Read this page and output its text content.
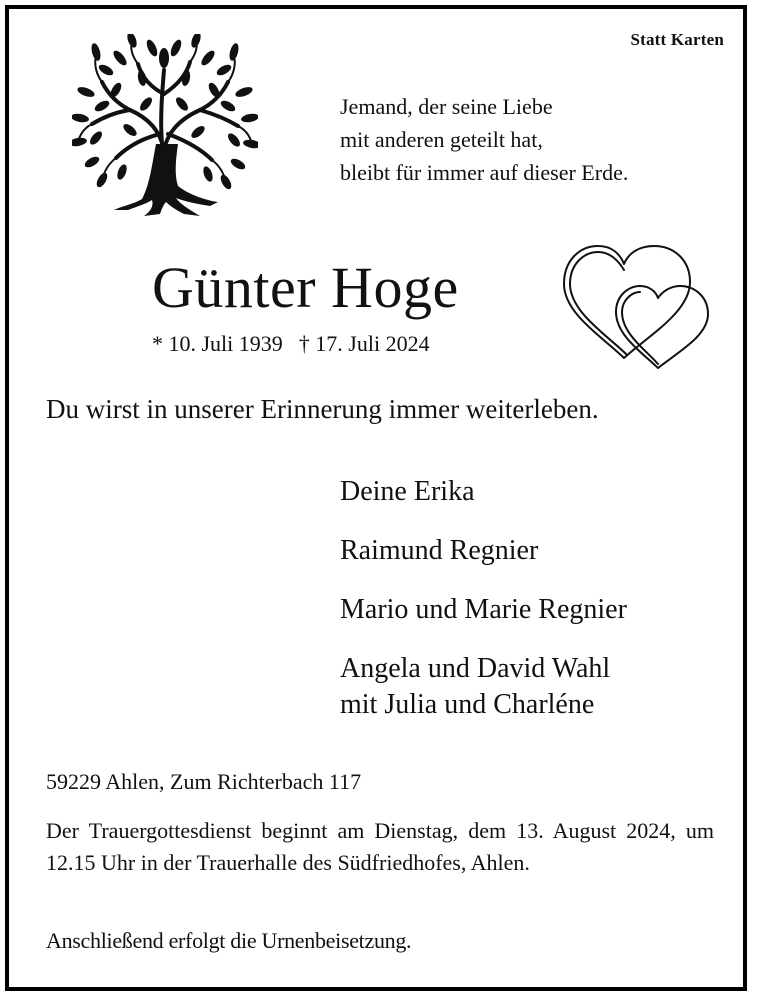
Statt Karten
Jemand, der seine Liebe
mit anderen geteilt hat,
bleibt für immer auf dieser Erde.
Günter Hoge
* 10. Juli 1939 † 17. Juli 2024
Du wirst in unserer Erinnerung immer weiterleben.
Deine Erika
Raimund Regnier
Mario und Marie Regnier
Angela und David Wahl
mit Julia und Charléne
59229 Ahlen, Zum Richterbach 117
Der Trauergottesdienst beginnt am Dienstag, dem 13. August 2024, um 12.15 Uhr in der Trauerhalle des Südfriedhofes, Ahlen.
Anschließend erfolgt die Urnenbeisetzung.
